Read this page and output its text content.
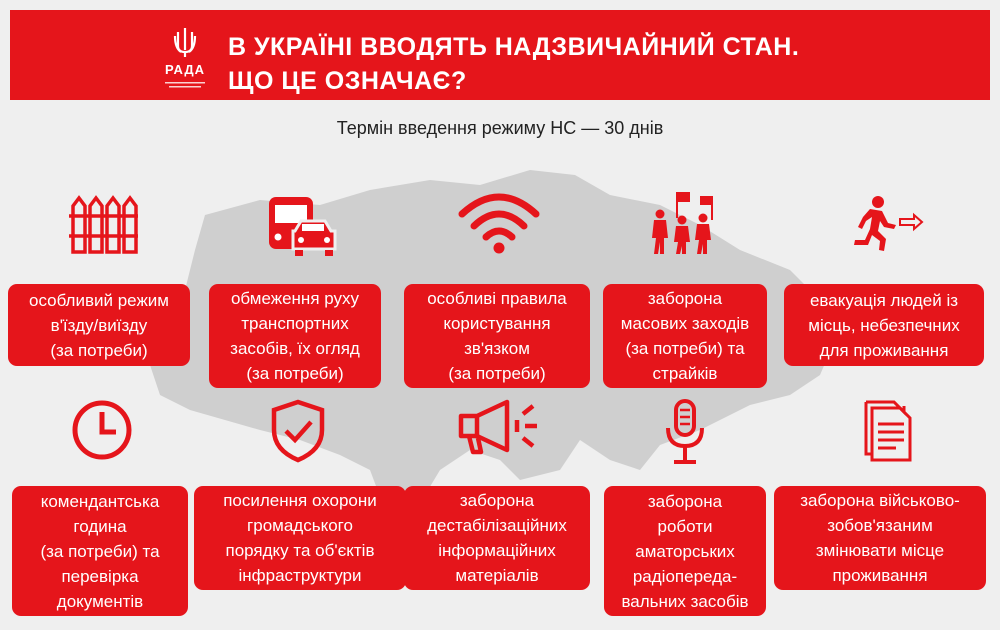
РАДА
В УКРАЇНІ ВВОДЯТЬ НАДЗВИЧАЙНИЙ СТАН.
ЩО ЦЕ ОЗНАЧАЄ?
Термін введення режиму НС — 30 днів
особливий режим
в'їзду/виїзду
(за потреби)
обмеження руху
транспортних
засобів, їх огляд
(за потреби)
особливі правила
користування
зв'язком
(за потреби)
заборона
масових заходів
(за потреби) та
страйків
евакуація людей із
місць, небезпечних
для проживання
комендантська
година
(за потреби) та
перевірка
документів
посилення охорони
громадського
порядку та об'єктів
інфраструктури
заборона
дестабілізаційних
інформаційних
матеріалів
заборона
роботи
аматорських
радіопереда-
вальних засобів
заборона військово-
зобов'язаним
змінювати місце
проживання
